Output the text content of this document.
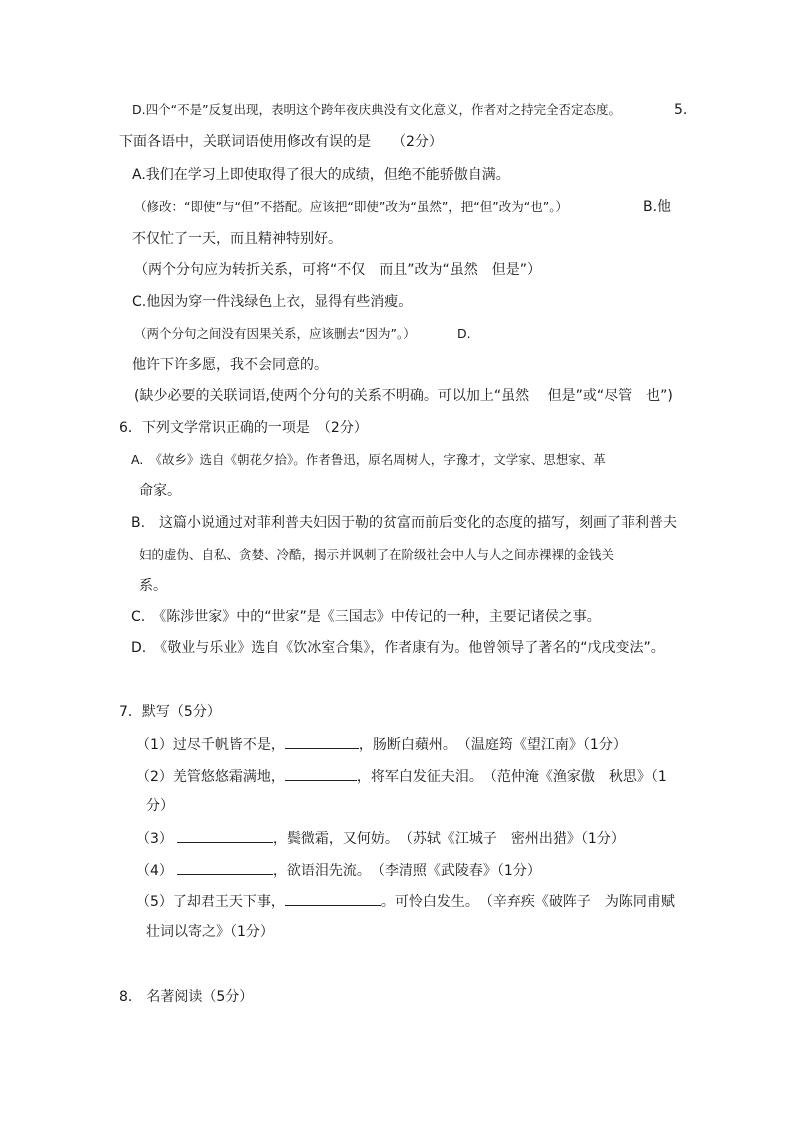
D.四个“不是”反复出现，表明这个跨年夜庆典没有文化意义，作者对之持完全否定态度。	5.
下面各语中，关联词语使用修改有误的是　　（2分）
A.我们在学习上即使取得了很大的成绩，但绝不能骄傲自满。
（修改：“即使”与“但”不搭配。应该把“即使”改为“虽然”，把“但”改为“也”。）	B.他
不仅忙了一天，而且精神特别好。
（两个分句应为转折关系，可将“不仅　而且”改为“虽然　但是”）
C.他因为穿一件浅绿色上衣，显得有些消瘦。
（两个分句之间没有因果关系，应该删去“因为”。）	D.
他许下许多愿，我不会同意的。
(缺少必要的关联词语,使两个分句的关系不明确。可以加上“虽然　 但是”或“尽管　也”)
6．下列文学常识正确的一项是　（2分）
A.　《故乡》选自《朝花夕拾》。作者鲁迅，原名周树人，字豫才，文学家、思想家、革
命家。
B.　这篇小说通过对菲利普夫妇因于勒的贫富而前后变化的态度的描写，刻画了菲利普夫
妇的虚伪、自私、贪婪、冷酷，揭示并讽刺了在阶级社会中人与人之间赤裸裸的金钱关
系。
C.　《陈涉世家》中的“世家”是《三国志》中传记的一种，主要记诸侯之事。
D.　《敬业与乐业》选自《饮冰室合集》，作者康有为。他曾领导了著名的“戊戌变法”。
7．默写（5分）
（1）过尽千帆皆不是，	，肠断白蘋州。　（温庭筠《望江南》（1分）
（2）羌管悠悠霜满地，	，将军白发征夫泪。　（范仲淹《渔家傲　秋思》（1
分）
（3）	，鬓微霜，又何妨。　（苏轼《江城子　密州出猎》（1分）
（4）	，欲语泪先流。　（李清照《武陵春》（1分）
（5）了却君王天下事，	。可怜白发生。　（辛弃疾《破阵子　为陈同甫赋
壮词以寄之》（1分）
8.　名著阅读（5分）
